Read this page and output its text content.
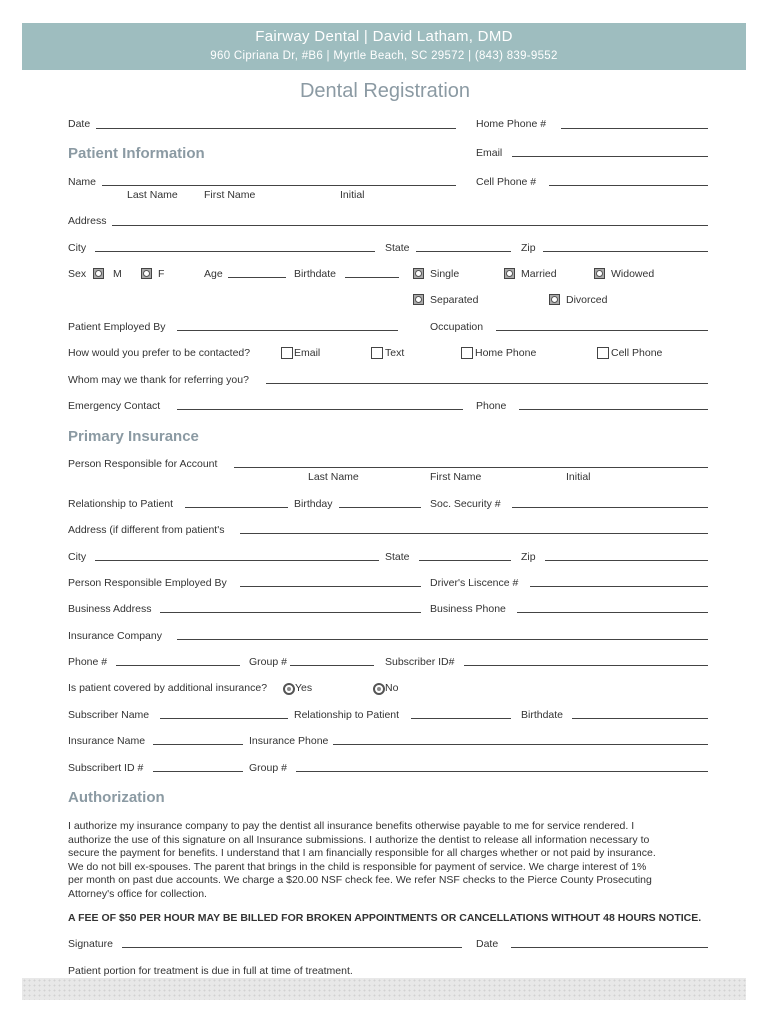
Fairway Dental | David Latham, DMD
960 Cipriana Dr, #B6 | Myrtle Beach, SC 29572 | (843) 839-9552
Dental Registration
Date	Home Phone #
Patient Information	Email
Name	Cell Phone #
Last Name First Name	Initial
Address
City	State	Zip
Sex	M	F	Age	Birthdate	Single	Married	Widowed
Separated	Divorced
Patient Employed By	Occupation
How would you prefer to be contacted?	Email	Text	Home Phone	Cell Phone
Whom may we thank for referring you?
Emergency Contact	Phone
Primary Insurance
Person Responsible for Account
Last Name	First Name	Initial
Relationship to Patient	Birthday	Soc. Security #
Address (if different from patient's
City	State	Zip
Person Responsible Employed By	Driver's Liscence #
Business Address	Business Phone
Insurance Company
Phone #	Group #	Subscriber ID#
Is patient covered by additional insurance?	Yes	No
Subscriber Name	Relationship to Patient	Birthdate
Insurance Name	Insurance Phone
Subscribert ID #	Group #
Authorization
I authorize my insurance company to pay the dentist all insurance benefits otherwise payable to me for service rendered. I
authorize the use of this signature on all Insurance submissions. I authorize the dentist to release all information necessary to
secure the payment for benefits. I understand that I am financially responsible for all charges whether or not paid by insurance.
We do not bill ex-spouses. The parent that brings in the child is responsible for payment of service. We charge interest of 1%
per month on past due accounts. We charge a $20.00 NSF check fee. We refer NSF checks to the Pierce County Prosecuting
Attorney's office for collection.
A FEE OF $50 PER HOUR MAY BE BILLED FOR BROKEN APPOINTMENTS OR CANCELLATIONS WITHOUT 48 HOURS NOTICE.
Signature	Date
Patient portion for treatment is due in full at time of treatment.
